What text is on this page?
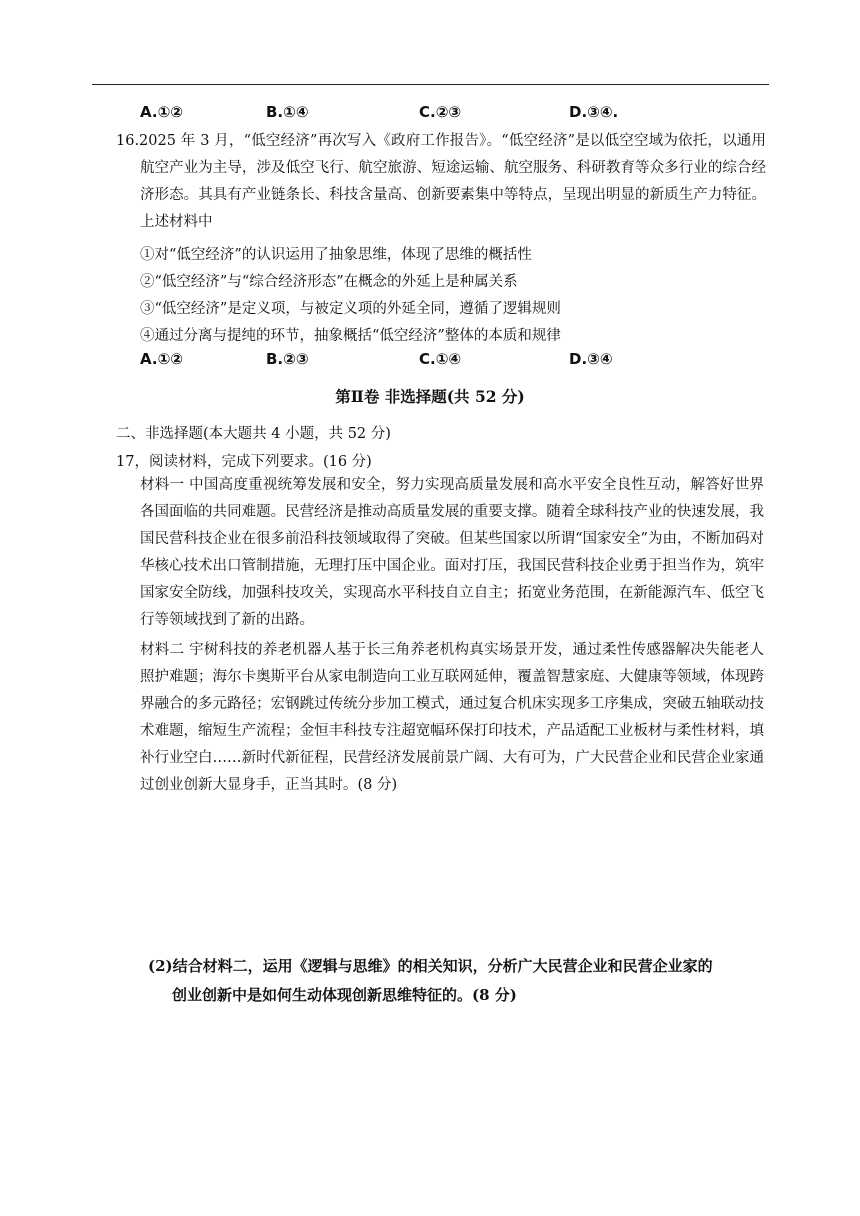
A.①②	B.①④	C.②③	D.③④.
16.2025 年 3 月，“低空经济”再次写入《政府工作报告》。“低空经济”是以低空空域为依托，以通用航空产业为主导，涉及低空飞行、航空旅游、短途运输、航空服务、科研教育等众多行业的综合经济形态。其具有产业链条长、科技含量高、创新要素集中等特点，呈现出明显的新质生产力特征。上述材料中
①对“低空经济”的认识运用了抽象思维，体现了思维的概括性
②“低空经济”与“综合经济形态”在概念的外延上是种属关系
③“低空经济”是定义项，与被定义项的外延全同，遵循了逻辑规则
④通过分离与提纯的环节，抽象概括“低空经济”整体的本质和规律
A.①②	B.②③	C.①④	D.③④
第Ⅱ卷 非选择题(共 52 分)
二、非选择题(本大题共 4 小题，共 52 分)
17，阅读材料，完成下列要求。(16 分)
材料一 中国高度重视统筹发展和安全，努力实现高质量发展和高水平安全良性互动，解答好世界各国面临的共同难题。民营经济是推动高质量发展的重要支撑。随着全球科技产业的快速发展，我国民营科技企业在很多前沿科技领域取得了突破。但某些国家以所谓“国家安全”为由，不断加码对华核心技术出口管制措施，无理打压中国企业。面对打压，我国民营科技企业勇于担当作为，筑牢国家安全防线，加强科技攻关，实现高水平科技自立自主；拓宽业务范围，在新能源汽车、低空飞行等领域找到了新的出路。
材料二 宇树科技的养老机器人基于长三角养老机构真实场景开发，通过柔性传感器解决失能老人照护难题；海尔卡奥斯平台从家电制造向工业互联网延伸，覆盖智慧家庭、大健康等领域，体现跨界融合的多元路径；宏钢跳过传统分步加工模式，通过复合机床实现多工序集成，突破五轴联动技术难题，缩短生产流程；金恒丰科技专注超宽幅环保打印技术，产品适配工业板材与柔性材料，填补行业空白……新时代新征程，民营经济发展前景广阔、大有可为，广大民营企业和民营企业家通过创业创新大显身手，正当其时。(8 分)
(2)结合材料二，运用《逻辑与思维》的相关知识，分析广大民营企业和民营企业家的
创业创新中是如何生动体现创新思维特征的。(8 分)
